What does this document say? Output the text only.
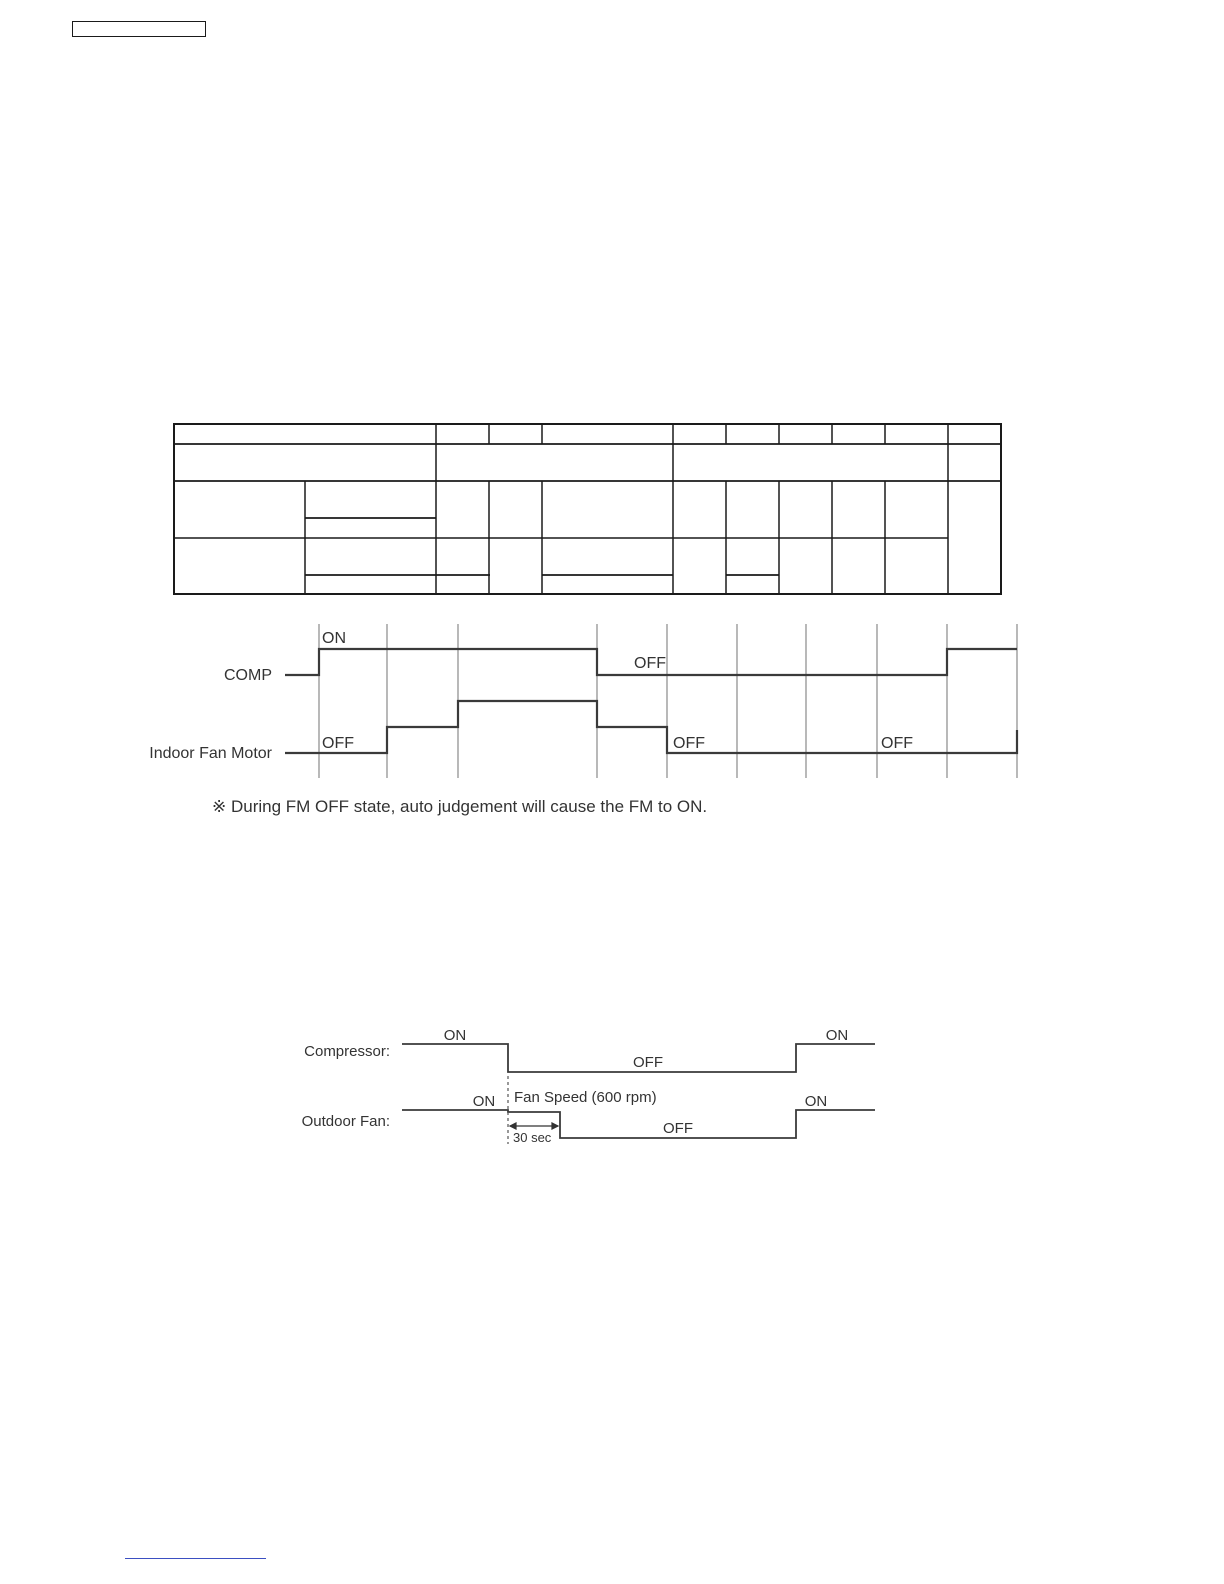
COMP
Indoor Fan Motor
ON
OFF
OFF	OFF	OFF
※ During FM OFF state, auto judgement will cause the FM to ON.
Compressor:
Outdoor Fan:
ON
OFF
ON
ON Fan Speed (600 rpm)
30 sec
OFF
ON
